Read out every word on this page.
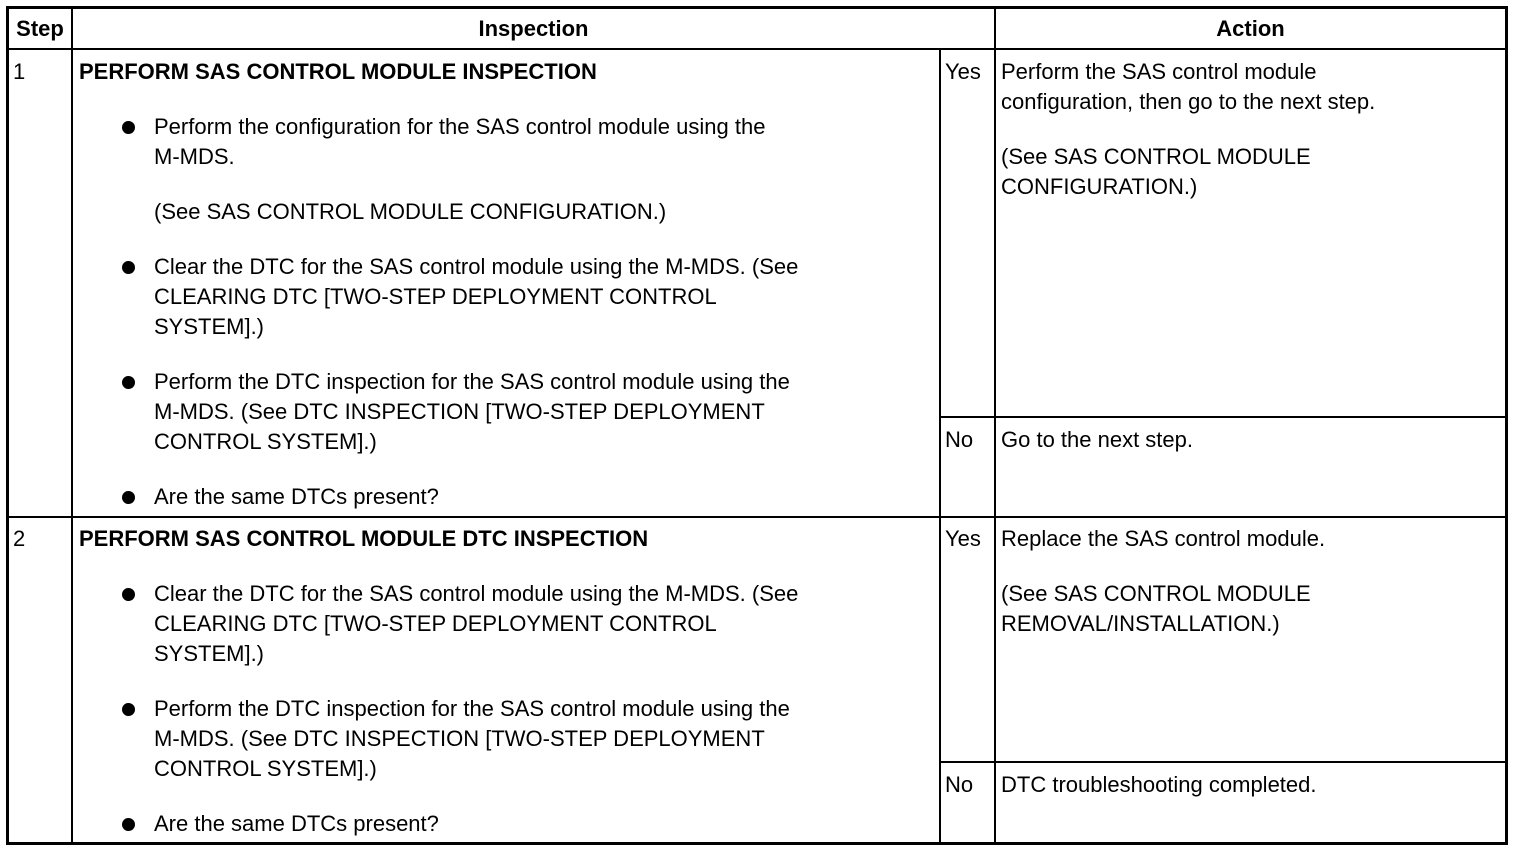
Step	Inspection	Action
1 PERFORM SAS CONTROL MODULE INSPECTION
Perform the configuration for the SAS control module using the
M-MDS.
(See SAS CONTROL MODULE CONFIGURATION.)
Clear the DTC for the SAS control module using the M-MDS. (See
CLEARING DTC [TWO-STEP DEPLOYMENT CONTROL
SYSTEM].)
Perform the DTC inspection for the SAS control module using the
M-MDS. (See DTC INSPECTION [TWO-STEP DEPLOYMENT
CONTROL SYSTEM].)
Are the same DTCs present?
Yes Perform the SAS control module
configuration, then go to the next step.
(See SAS CONTROL MODULE
CONFIGURATION.)
No Go to the next step.
2 PERFORM SAS CONTROL MODULE DTC INSPECTION
Clear the DTC for the SAS control module using the M-MDS. (See
CLEARING DTC [TWO-STEP DEPLOYMENT CONTROL
SYSTEM].)
Perform the DTC inspection for the SAS control module using the
M-MDS. (See DTC INSPECTION [TWO-STEP DEPLOYMENT
CONTROL SYSTEM].)
Are the same DTCs present?
Yes Replace the SAS control module.
(See SAS CONTROL MODULE
REMOVAL/INSTALLATION.)
No DTC troubleshooting completed.
